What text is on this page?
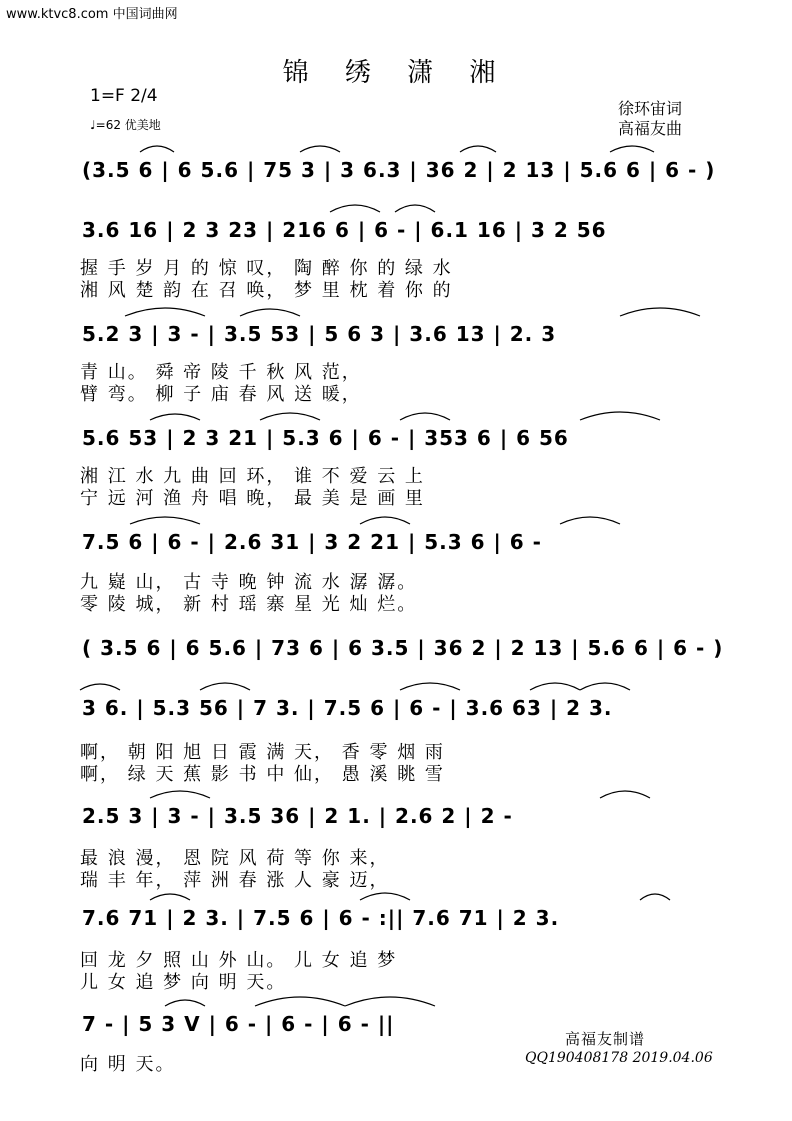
www.ktvc8.com 中国词曲网
锦 绣 潇 湘
1=F 2/4
♩=62 优美地
徐环宙词
高福友曲
(3.5 6 | 6 5.6 | 75 3 | 3 6.3 | 36 2 | 2 13 | 5.6 6 | 6 - )
3.6 16 | 2 3 23 | 216 6 | 6 - | 6.1 16 | 3 2 56
握 手 岁 月 的 惊 叹， 陶 醉 你 的 绿 水
湘 风 楚 韵 在 召 唤， 梦 里 枕 着 你 的
5.2 3 | 3 - | 3.5 53 | 5 6 3 | 3.6 13 | 2. 3
青 山。 舜 帝 陵 千 秋 风 范，
臂 弯。 柳 子 庙 春 风 送 暖，
5.6 53 | 2 3 21 | 5.3 6 | 6 - | 353 6 | 6 56
湘 江 水 九 曲 回 环， 谁 不 爱 云 上
宁 远 河 渔 舟 唱 晚， 最 美 是 画 里
7.5 6 | 6 - | 2.6 31 | 3 2 21 | 5.3 6 | 6 -
九 嶷 山， 古 寺 晚 钟 流 水 潺 潺。
零 陵 城， 新 村 瑶 寨 星 光 灿 烂。
( 3.5 6 | 6 5.6 | 73 6 | 6 3.5 | 36 2 | 2 13 | 5.6 6 | 6 - )
3 6. | 5.3 56 | 7 3. | 7.5 6 | 6 - | 3.6 63 | 2 3.
啊， 朝 阳 旭 日 霞 满 天， 香 零 烟 雨
啊， 绿 天 蕉 影 书 中 仙， 愚 溪 眺 雪
2.5 3 | 3 - | 3.5 36 | 2 1. | 2.6 2 | 2 -
最 浪 漫， 恩 院 风 荷 等 你 来，
瑞 丰 年， 萍 洲 春 涨 人 豪 迈，
7.6 71 | 2 3. | 7.5 6 | 6 - :|| 7.6 71 | 2 3.
回 龙 夕 照 山 外 山。 儿 女 追 梦
儿 女 追 梦 向 明 天。
7 - | 5 3 V | 6 - | 6 - | 6 - ||
向 明 天。
高福友制谱
QQ190408178 2019.04.06
